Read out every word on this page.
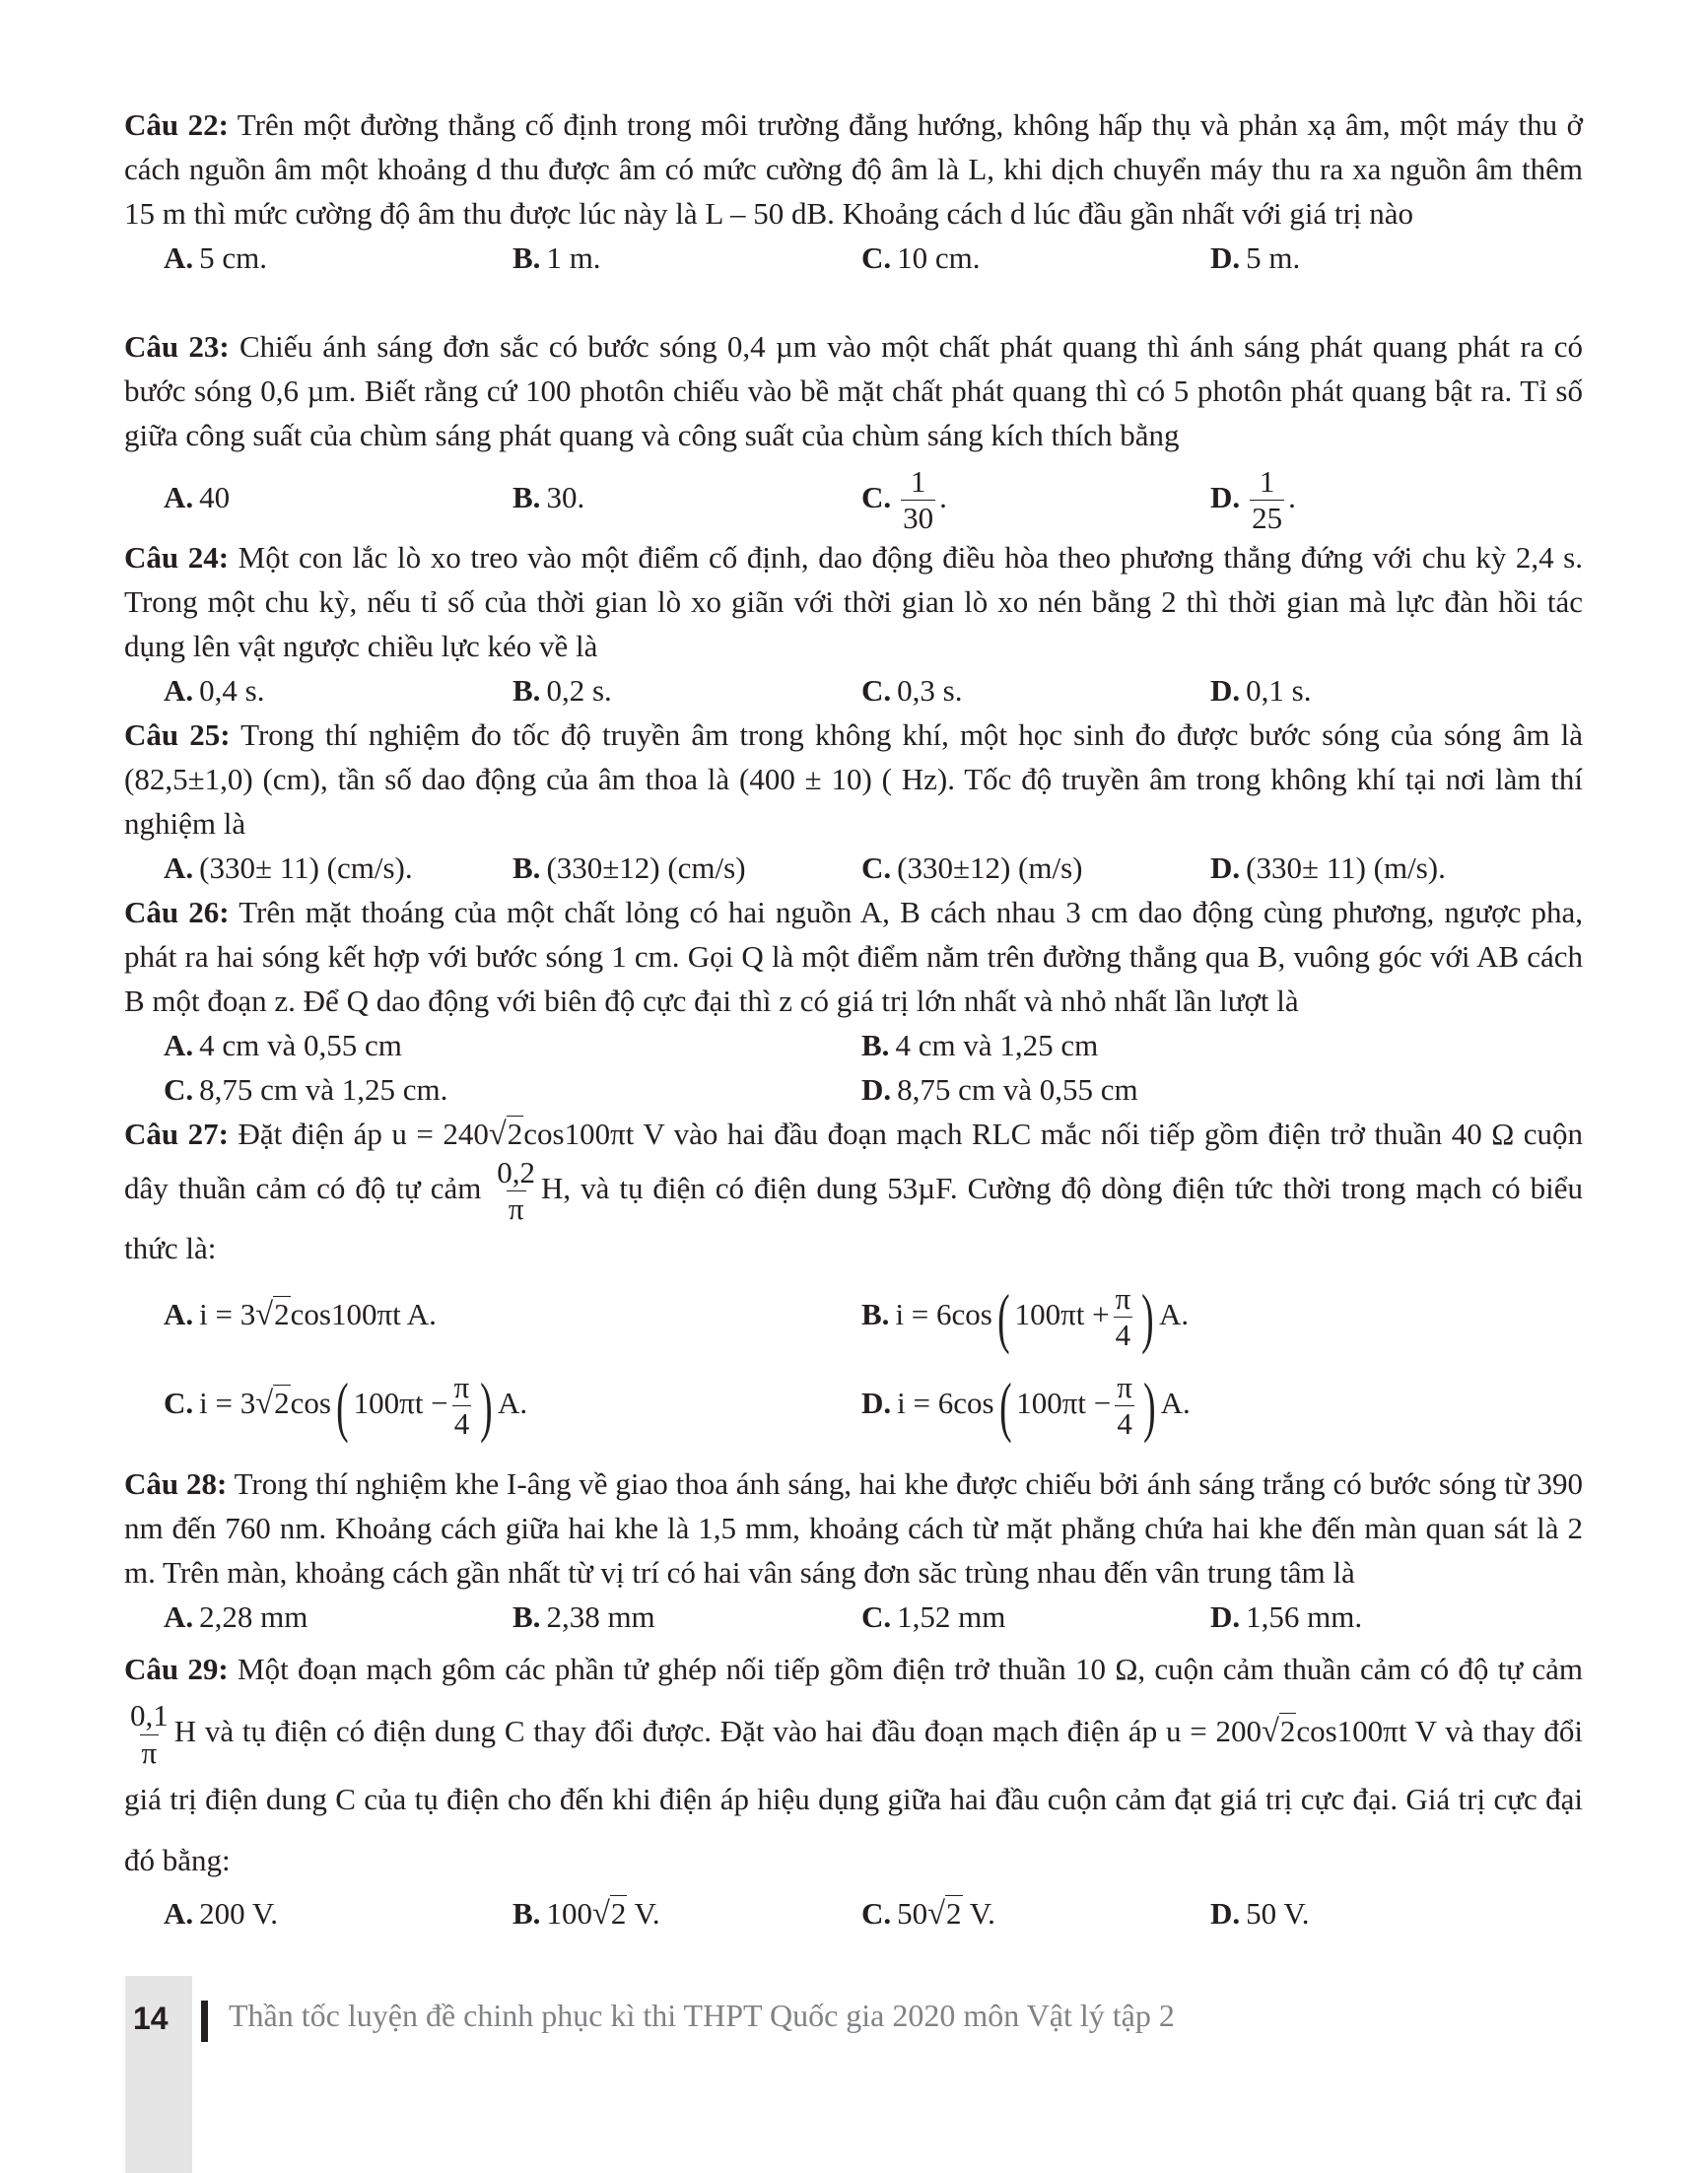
Câu 22: Trên một đường thẳng cố định trong môi trường đẳng hướng, không hấp thụ và phản xạ âm, một máy thu ở cách nguồn âm một khoảng d thu được âm có mức cường độ âm là L, khi dịch chuyển máy thu ra xa nguồn âm thêm 15 m thì mức cường độ âm thu được lúc này là L – 50 dB. Khoảng cách d lúc đầu gần nhất với giá trị nào

A. 5 cm.	B. 1 m.	C. 10 cm.	D. 5 m.

Câu 23: Chiếu ánh sáng đơn sắc có bước sóng 0,4 µm vào một chất phát quang thì ánh sáng phát quang phát ra có bước sóng 0,6 µm. Biết rằng cứ 100 photôn chiếu vào bề mặt chất phát quang thì có 5 photôn phát quang bật ra. Tỉ số giữa công suất của chùm sáng phát quang và công suất của chùm sáng kích thích bằng

A. 40	B. 30.	C. $\frac{1}{30}$ .	D. $\frac{1}{25}$ .

Câu 24: Một con lắc lò xo treo vào một điểm cố định, dao động điều hòa theo phương thẳng đứng với chu kỳ 2,4 s. Trong một chu kỳ, nếu tỉ số của thời gian lò xo giãn với thời gian lò xo nén bằng 2 thì thời gian mà lực đàn hồi tác dụng lên vật ngược chiều lực kéo về là

A. 0,4 s.	B. 0,2 s.	C. 0,3 s.	D. 0,1 s.

Câu 25: Trong thí nghiệm đo tốc độ truyền âm trong không khí, một học sinh đo được bước sóng của sóng âm là (82,5±1,0) (cm), tần số dao động của âm thoa là (400 ± 10) ( Hz). Tốc độ truyền âm trong không khí tại nơi làm thí nghiệm là

A. (330± 11) (cm/s).	B. (330±12) (cm/s)	C. (330±12) (m/s)	D. (330± 11) (m/s).

Câu 26: Trên mặt thoáng của một chất lỏng có hai nguồn A, B cách nhau 3 cm dao động cùng phương, ngược pha, phát ra hai sóng kết hợp với bước sóng 1 cm. Gọi Q là một điểm nằm trên đường thẳng qua B, vuông góc với AB cách B một đoạn z. Để Q dao động với biên độ cực đại thì z có giá trị lớn nhất và nhỏ nhất lần lượt là

A. 4 cm và 0,55 cm	B. 4 cm và 1,25 cm
C. 8,75 cm và 1,25 cm.	D. 8,75 cm và 0,55 cm

Câu 27: Đặt điện áp u = 240√2cos100πt V vào hai đầu đoạn mạch RLC mắc nối tiếp gồm điện trở thuần 40 Ω cuộn dây thuần cảm có độ tự cảm $\frac{0,2}{\pi} H$, và tụ điện có điện dung 53µF. Cường độ dòng điện tức thời trong mạch có biểu thức là:

A. i = 3√2cos100πt A.	B. i = 6cos( $100\pi t + \frac{\pi}{4}$ ) A.
C. i = 3√2cos( $100\pi t - \frac{\pi}{4}$ ) A.	D. i = 6cos( $100\pi t - \frac{\pi}{4}$ ) A.

Câu 28: Trong thí nghiệm khe I-âng về giao thoa ánh sáng, hai khe được chiếu bởi ánh sáng trắng có bước sóng từ 390 nm đến 760 nm. Khoảng cách giữa hai khe là 1,5 mm, khoảng cách từ mặt phẳng chứa hai khe đến màn quan sát là 2 m. Trên màn, khoảng cách gần nhất từ vị trí có hai vân sáng đơn săc trùng nhau đến vân trung tâm là

A. 2,28 mm	B. 2,38 mm	C. 1,52 mm	D. 1,56 mm.

Câu 29: Một đoạn mạch gôm các phần tử ghép nối tiếp gồm điện trở thuần 10 Ω, cuộn cảm thuần cảm có độ tự cảm
$\frac{0,1}{\pi}$ H và tụ điện có điện dung C thay đổi được. Đặt vào hai đầu đoạn mạch điện áp u = 200√2cos100πt V và thay đổi giá trị điện dung C của tụ điện cho đến khi điện áp hiệu dụng giữa hai đầu cuộn cảm đạt giá trị cực đại. Giá trị cực đại đó bằng:

A. 200 V.	B. 100√2 V.	C. 50√2 V.	D. 50 V.
14 Thần tốc luyện đề chinh phục kì thi THPT Quốc gia 2020 môn Vật lý tập 2
